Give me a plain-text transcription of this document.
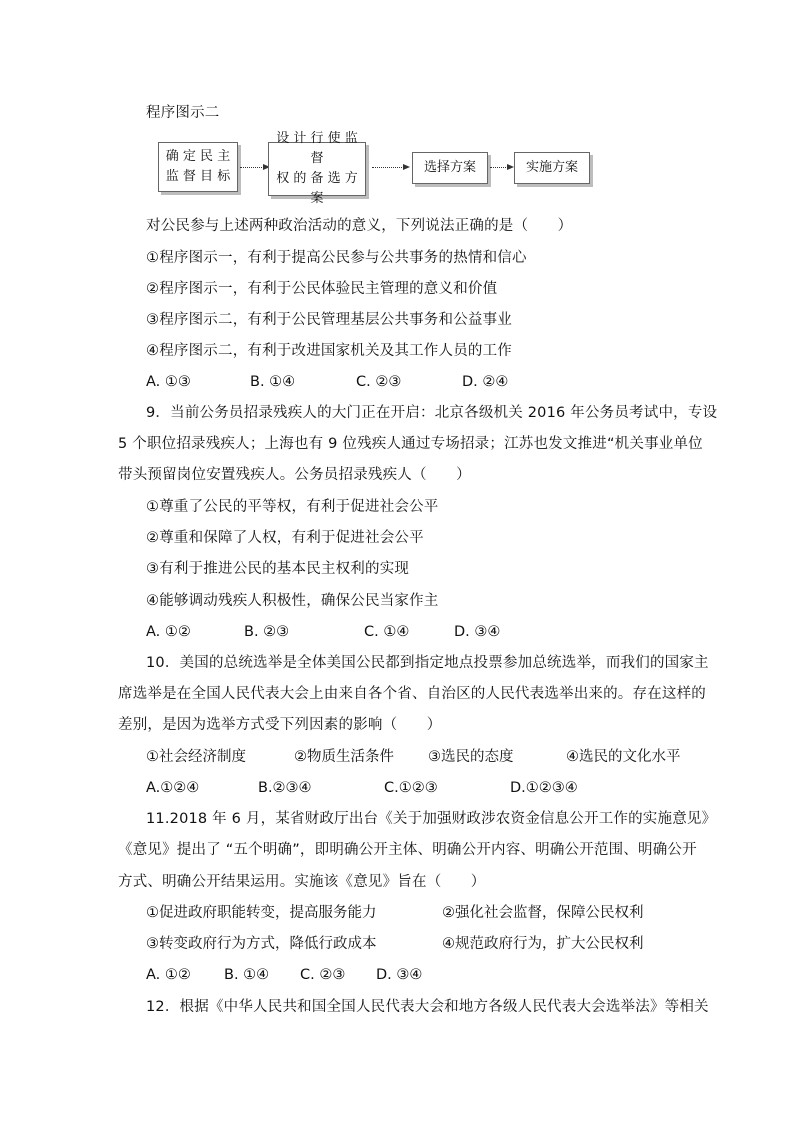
程序图示二
确 定 民 主
监 督 目 标
设 计 行 使 监 督
权 的 备 选 方 案
选择方案	实施方案
对公民参与上述两种政治活动的意义，下列说法正确的是（　　）
①程序图示一，有利于提高公民参与公共事务的热情和信心
②程序图示一，有利于公民体验民主管理的意义和价值
③程序图示二，有利于公民管理基层公共事务和公益事业
④程序图示二，有利于改进国家机关及其工作人员的工作
A. ①③	B. ①④	C. ②③	D. ②④
9．当前公务员招录残疾人的大门正在开启：北京各级机关 2016 年公务员考试中，专设
5 个职位招录残疾人；上海也有 9 位残疾人通过专场招录；江苏也发文推进“机关事业单位
带头预留岗位安置残疾人。公务员招录残疾人（　　）
①尊重了公民的平等权，有利于促进社会公平
②尊重和保障了人权，有利于促进社会公平
③有利于推进公民的基本民主权利的实现
④能够调动残疾人积极性，确保公民当家作主
A. ①②	B. ②③	C. ①④	D. ③④
10．美国的总统选举是全体美国公民都到指定地点投票参加总统选举，而我们的国家主
席选举是在全国人民代表大会上由来自各个省、自治区的人民代表选举出来的。存在这样的
差别，是因为选举方式受下列因素的影响（　　）
①社会经济制度	②物质生活条件 ③选民的态度	④选民的文化水平
A.①②④	B.②③④	C.①②③	D.①②③④
11.2018 年 6 月，某省财政厅出台《关于加强财政涉农资金信息公开工作的实施意见》
《意见》提出了 “五个明确”，即明确公开主体、明确公开内容、明确公开范围、明确公开
方式、明确公开结果运用。实施该《意见》旨在（　　）
①促进政府职能转变，提高服务能力	②强化社会监督，保障公民权利
③转变政府行为方式，降低行政成本	④规范政府行为，扩大公民权利
A. ①② B. ①④ C. ②③ D. ③④
12．根据《中华人民共和国全国人民代表大会和地方各级人民代表大会选举法》等相关
